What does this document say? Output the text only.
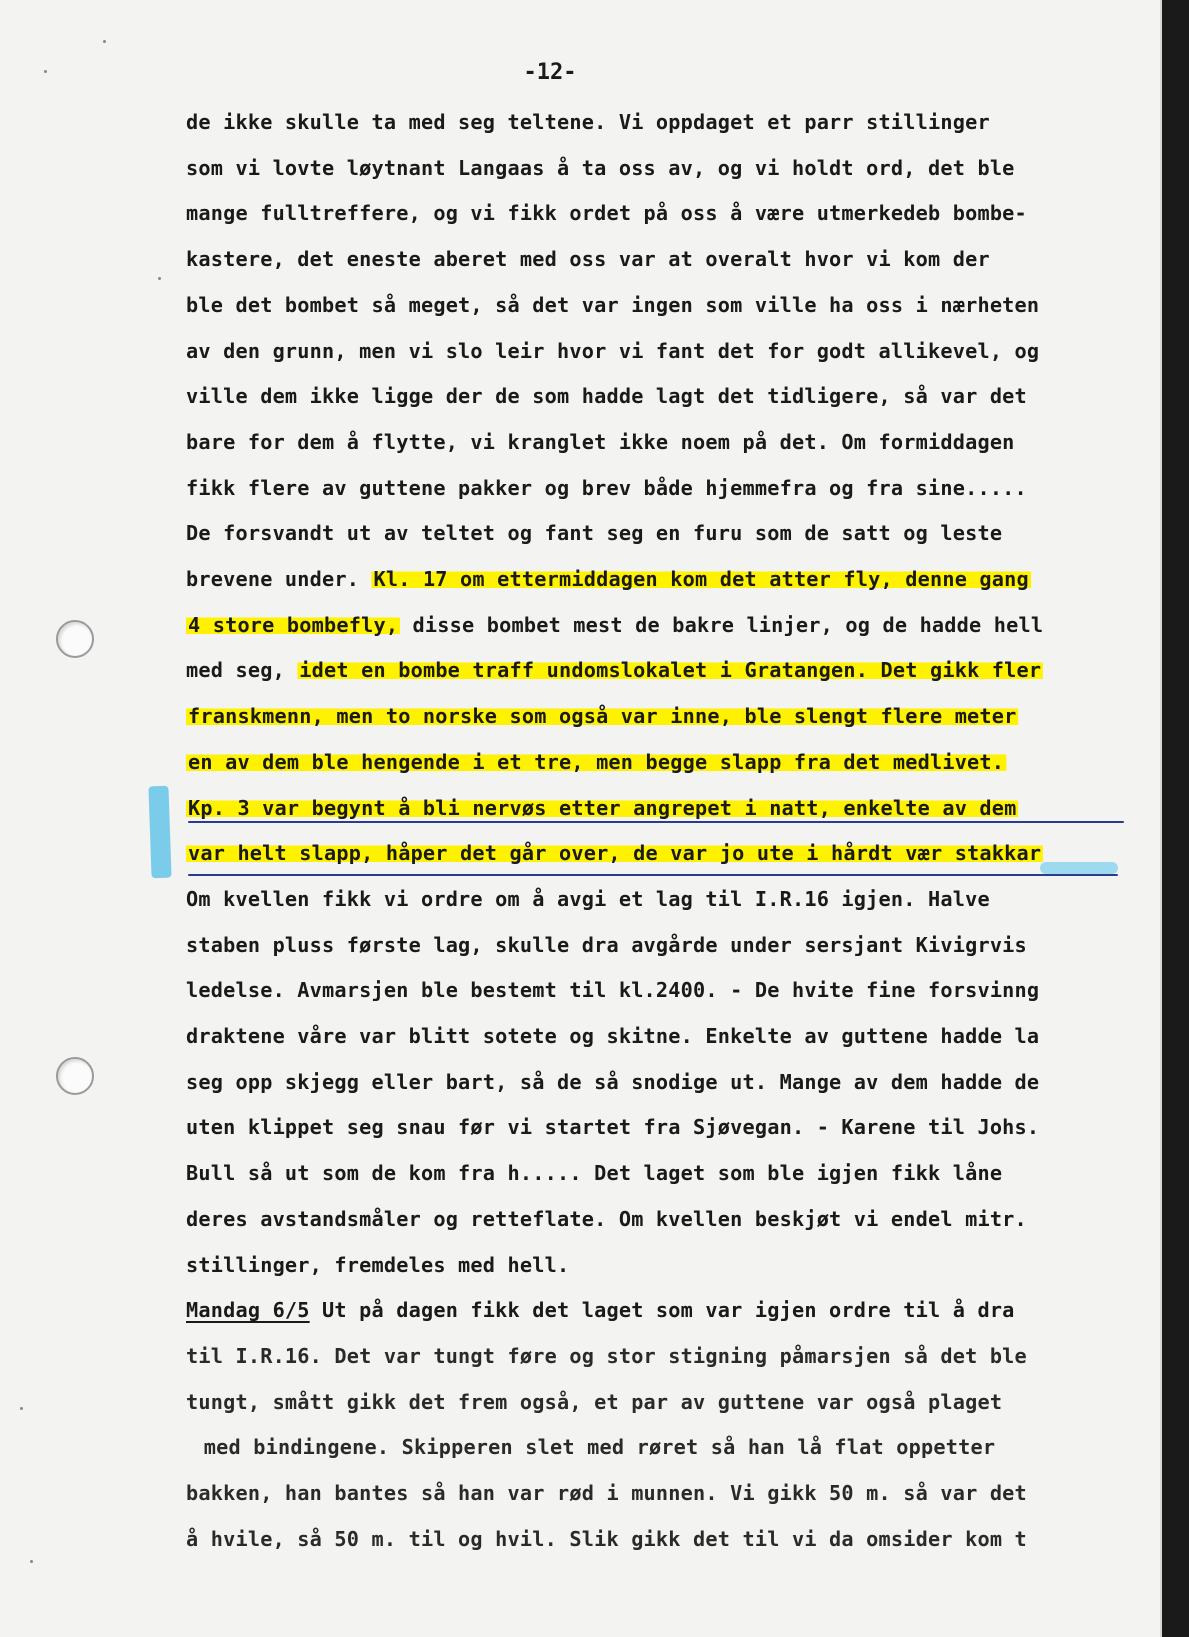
-12-
de ikke skulle ta med seg teltene. Vi oppdaget et parr stillinger
som vi lovte løytnant Langaas å ta oss av, og vi holdt ord, det ble
mange fulltreffere, og vi fikk ordet på oss å være utmerkedeb bombe-
kastere, det eneste aberet med oss var at overalt hvor vi kom der
ble det bombet så meget, så det var ingen som ville ha oss i nærheten
av den grunn, men vi slo leir hvor vi fant det for godt allikevel, og
ville dem ikke ligge der de som hadde lagt det tidligere, så var det
bare for dem å flytte, vi kranglet ikke noem på det. Om formiddagen
fikk flere av guttene pakker og brev både hjemmefra og fra sine.....
De forsvandt ut av teltet og fant seg en furu som de satt og leste
brevene under. Kl. 17 om ettermiddagen kom det atter fly, denne gang
4 store bombefly, disse bombet mest de bakre linjer, og de hadde hell
med seg, idet en bombe traff undomslokalet i Gratangen. Det gikk fler
franskmenn, men to norske som også var inne, ble slengt flere meter
en av dem ble hengende i et tre, men begge slapp fra det medlivet.
Kp. 3 var begynt å bli nervøs etter angrepet i natt, enkelte av dem
var helt slapp, håper det går over, de var jo ute i hårdt vær stakkar
Om kvellen fikk vi ordre om å avgi et lag til I.R.16 igjen. Halve
staben pluss første lag, skulle dra avgårde under sersjant Kivigrvis
ledelse. Avmarsjen ble bestemt til kl.2400. - De hvite fine forsvinng
draktene våre var blitt sotete og skitne. Enkelte av guttene hadde la
seg opp skjegg eller bart, så de så snodige ut. Mange av dem hadde de
uten klippet seg snau før vi startet fra Sjøvegan. - Karene til Johs.
Bull så ut som de kom fra h..... Det laget som ble igjen fikk låne
deres avstandsmåler og retteflate. Om kvellen beskjøt vi endel mitr.
stillinger, fremdeles med hell.
Mandag 6/5 Ut på dagen fikk det laget som var igjen ordre til å dra
til I.R.16. Det var tungt føre og stor stigning påmarsjen så det ble
tungt, smått gikk det frem også, et par av guttene var også plaget
med bindingene. Skipperen slet med røret så han lå flat oppetter
bakken, han bantes så han var rød i munnen. Vi gikk 50 m. så var det
å hvile, så 50 m. til og hvil. Slik gikk det til vi da omsider kom t
